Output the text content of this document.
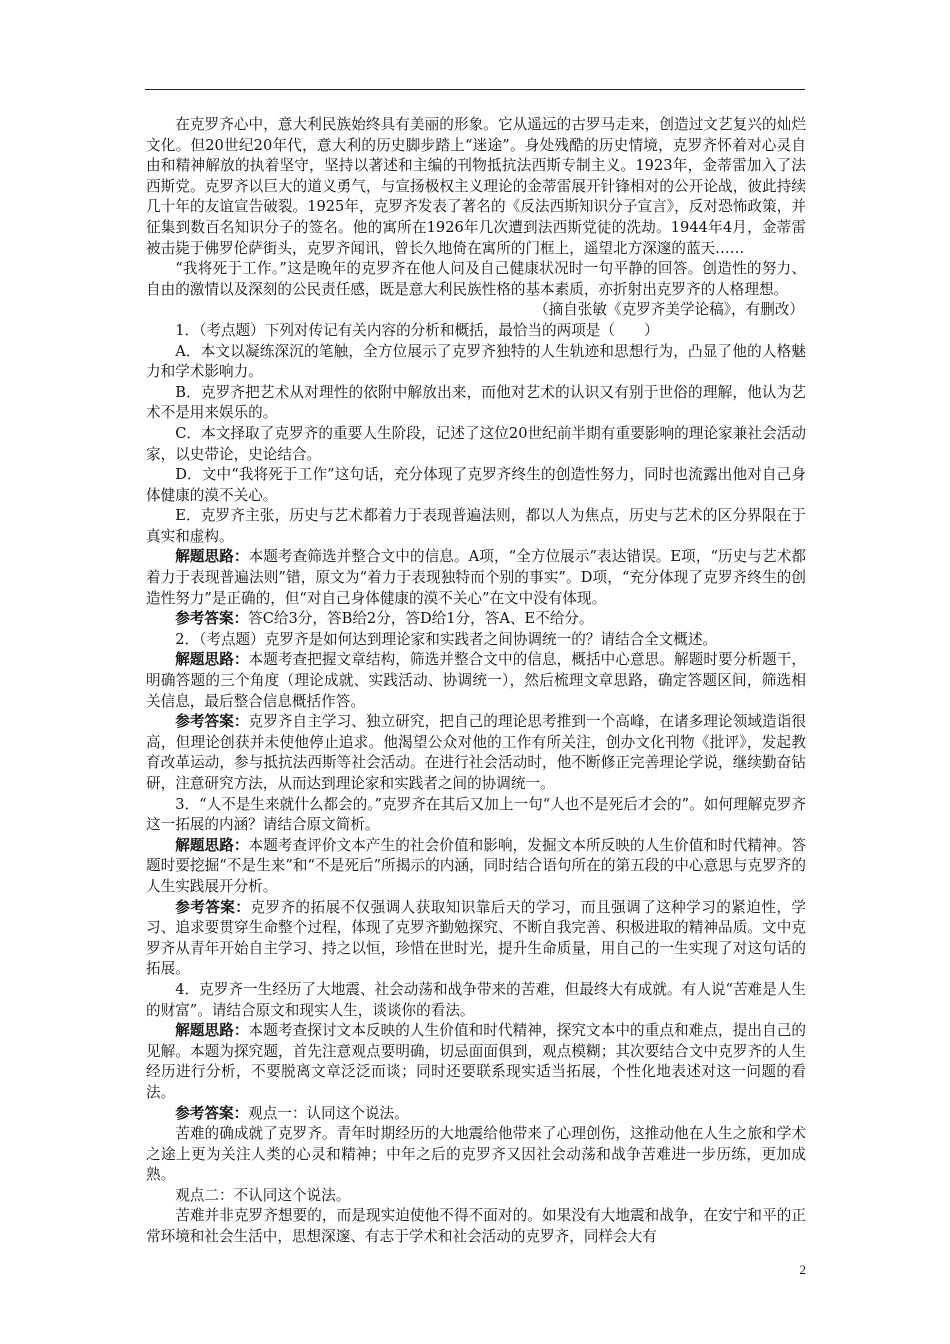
在克罗齐心中，意大利民族始终具有美丽的形象。它从遥远的古罗马走来，创造过文艺复兴的灿烂文化。但20世纪20年代，意大利的历史脚步踏上“迷途”。身处残酷的历史情境，克罗齐怀着对心灵自由和精神解放的执着坚守，坚持以著述和主编的刊物抵抗法西斯专制主义。1923年，金蒂雷加入了法西斯党。克罗齐以巨大的道义勇气，与宣扬极权主义理论的金蒂雷展开针锋相对的公开论战，彼此持续几十年的友谊宣告破裂。1925年，克罗齐发表了著名的《反法西斯知识分子宣言》，反对恐怖政策，并征集到数百名知识分子的签名。他的寓所在1926年几次遭到法西斯党徒的洗劫。1944年4月，金蒂雷被击毙于佛罗伦萨街头，克罗齐闻讯，曾长久地倚在寓所的门框上，遥望北方深邃的蓝天……

“我将死于工作。”这是晚年的克罗齐在他人问及自己健康状况时一句平静的回答。创造性的努力、自由的激情以及深刻的公民责任感，既是意大利民族性格的基本素质，亦折射出克罗齐的人格理想。

（摘自张敏《克罗齐美学论稿》，有删改）

1．（考点题）下列对传记有关内容的分析和概括，最恰当的两项是（　　）

A．本文以凝练深沉的笔触，全方位展示了克罗齐独特的人生轨迹和思想行为，凸显了他的人格魅力和学术影响力。

B．克罗齐把艺术从对理性的依附中解放出来，而他对艺术的认识又有别于世俗的理解，他认为艺术不是用来娱乐的。

C．本文择取了克罗齐的重要人生阶段，记述了这位20世纪前半期有重要影响的理论家兼社会活动家，以史带论，史论结合。

D．文中“我将死于工作”这句话，充分体现了克罗齐终生的创造性努力，同时也流露出他对自己身体健康的漠不关心。

E．克罗齐主张，历史与艺术都着力于表现普遍法则，都以人为焦点，历史与艺术的区分界限在于真实和虚构。

解题思路：本题考查筛选并整合文中的信息。A项，“全方位展示”表达错误。E项，“历史与艺术都着力于表现普遍法则”错，原文为“着力于表现独特而个别的事实”。D项，“充分体现了克罗齐终生的创造性努力”是正确的，但“对自己身体健康的漠不关心”在文中没有体现。

参考答案：答C给3分，答B给2分，答D给1分，答A、E不给分。

2．（考点题）克罗齐是如何达到理论家和实践者之间协调统一的？请结合全文概述。

解题思路：本题考查把握文章结构，筛选并整合文中的信息，概括中心意思。解题时要分析题干，明确答题的三个角度（理论成就、实践活动、协调统一），然后梳理文章思路，确定答题区间，筛选相关信息，最后整合信息概括作答。

参考答案：克罗齐自主学习、独立研究，把自己的理论思考推到一个高峰，在诸多理论领域造诣很高，但理论创获并未使他停止追求。他渴望公众对他的工作有所关注，创办文化刊物《批评》，发起教育改革运动，参与抵抗法西斯等社会活动。在进行社会活动时，他不断修正完善理论学说，继续勤奋钻研，注意研究方法，从而达到理论家和实践者之间的协调统一。

3．“人不是生来就什么都会的。”克罗齐在其后又加上一句“人也不是死后才会的”。如何理解克罗齐这一拓展的内涵？请结合原文简析。

解题思路：本题考查评价文本产生的社会价值和影响，发掘文本所反映的人生价值和时代精神。答题时要挖掘“不是生来”和“不是死后”所揭示的内涵，同时结合语句所在的第五段的中心意思与克罗齐的人生实践展开分析。

参考答案：克罗齐的拓展不仅强调人获取知识靠后天的学习，而且强调了这种学习的紧迫性，学习、追求要贯穿生命整个过程，体现了克罗齐勤勉探究、不断自我完善、积极进取的精神品质。文中克罗齐从青年开始自主学习、持之以恒，珍惜在世时光，提升生命质量，用自己的一生实现了对这句话的拓展。

4．克罗齐一生经历了大地震、社会动荡和战争带来的苦难，但最终大有成就。有人说“苦难是人生的财富”。请结合原文和现实人生，谈谈你的看法。

解题思路：本题考查探讨文本反映的人生价值和时代精神，探究文本中的重点和难点，提出自己的见解。本题为探究题，首先注意观点要明确，切忌面面俱到，观点模糊；其次要结合文中克罗齐的人生经历进行分析，不要脱离文章泛泛而谈；同时还要联系现实适当拓展，个性化地表述对这一问题的看法。

参考答案：观点一：认同这个说法。

苦难的确成就了克罗齐。青年时期经历的大地震给他带来了心理创伤，这推动他在人生之旅和学术之途上更为关注人类的心灵和精神；中年之后的克罗齐又因社会动荡和战争苦难进一步历练，更加成熟。

观点二：不认同这个说法。

苦难并非克罗齐想要的，而是现实迫使他不得不面对的。如果没有大地震和战争，在安宁和平的正常环境和社会生活中，思想深邃、有志于学术和社会活动的克罗齐，同样会大有

2
